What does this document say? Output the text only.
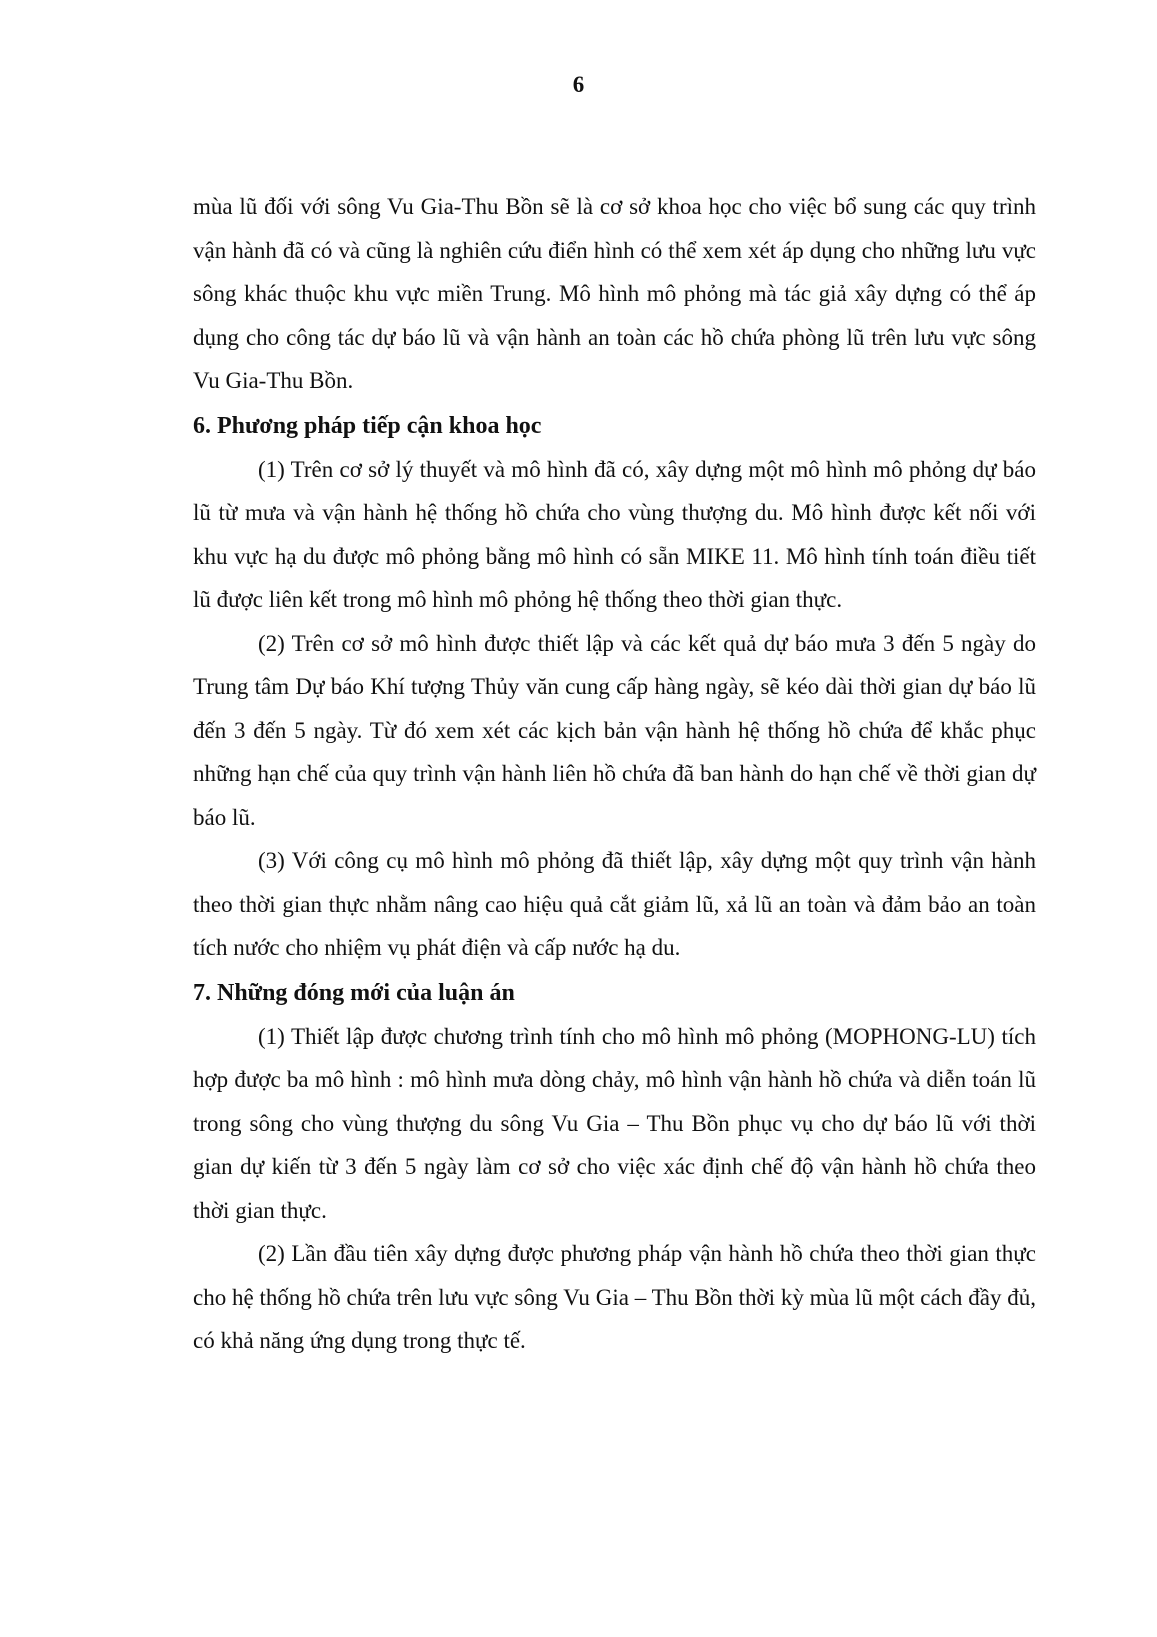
6

mùa lũ đối với sông Vu Gia-Thu Bồn sẽ là cơ sở khoa học cho việc bổ sung các quy trình vận hành đã có và cũng là nghiên cứu điển hình có thể xem xét áp dụng cho những lưu vực sông khác thuộc khu vực miền Trung. Mô hình mô phỏng mà tác giả xây dựng có thể áp dụng cho công tác dự báo lũ và vận hành an toàn các hồ chứa phòng lũ trên lưu vực sông Vu Gia-Thu Bồn.

6. Phương pháp tiếp cận khoa học

(1) Trên cơ sở lý thuyết và mô hình đã có, xây dựng một mô hình mô phỏng dự báo lũ từ mưa và vận hành hệ thống hồ chứa cho vùng thượng du. Mô hình được kết nối với khu vực hạ du được mô phỏng bằng mô hình có sẵn MIKE 11. Mô hình tính toán điều tiết lũ được liên kết trong mô hình mô phỏng hệ thống theo thời gian thực.

(2) Trên cơ sở mô hình được thiết lập và các kết quả dự báo mưa 3 đến 5 ngày do Trung tâm Dự báo Khí tượng Thủy văn cung cấp hàng ngày, sẽ kéo dài thời gian dự báo lũ đến 3 đến 5 ngày. Từ đó xem xét các kịch bản vận hành hệ thống hồ chứa để khắc phục những hạn chế của quy trình vận hành liên hồ chứa đã ban hành do hạn chế về thời gian dự báo lũ.

(3) Với công cụ mô hình mô phỏng đã thiết lập, xây dựng một quy trình vận hành theo thời gian thực nhằm nâng cao hiệu quả cắt giảm lũ, xả lũ an toàn và đảm bảo an toàn tích nước cho nhiệm vụ phát điện và cấp nước hạ du.

7. Những đóng mới của luận án

(1) Thiết lập được chương trình tính cho mô hình mô phỏng (MOPHONG-LU) tích hợp được ba mô hình : mô hình mưa dòng chảy, mô hình vận hành hồ chứa và diễn toán lũ trong sông cho vùng thượng du sông Vu Gia – Thu Bồn phục vụ cho dự báo lũ với thời gian dự kiến từ 3 đến 5 ngày làm cơ sở cho việc xác định chế độ vận hành hồ chứa theo thời gian thực.

(2) Lần đầu tiên xây dựng được phương pháp vận hành hồ chứa theo thời gian thực cho hệ thống hồ chứa trên lưu vực sông Vu Gia – Thu Bồn thời kỳ mùa lũ một cách đầy đủ, có khả năng ứng dụng trong thực tế.
